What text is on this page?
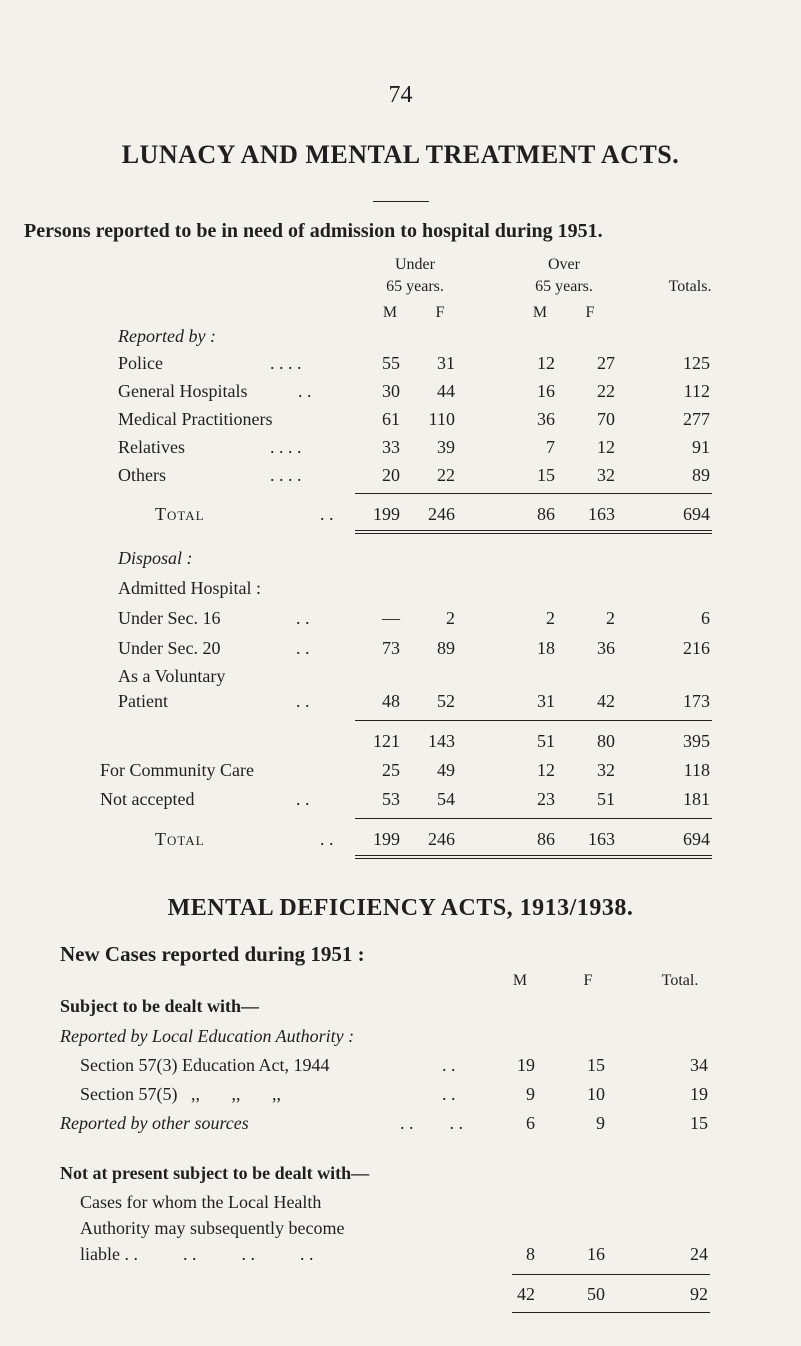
74
LUNACY AND MENTAL TREATMENT ACTS.
Persons reported to be in need of admission to hospital during 1951.
Under
65 years.
Over
65 years.	Totals.
M	F	M	F
Reported by :
Police	. . . .	55	31	12	27	125
General Hospitals	. .	30	44	16	22	112
Medical Practitioners	61	110	36	70	277
Relatives	. . . .	33	39	7	12	91
Others	. . . .	20	22	15	32	89
Total	. .	199	246	86	163	694
Disposal :
Admitted Hospital :
Under Sec. 16	. .	—	2	2	2	6
Under Sec. 20	. .	73	89	18	36	216
As a Voluntary
Patient	. .	48	52	31	42	173
121	143	51	80	395
For Community Care	25	49	12	32	118
Not accepted	. .	53	54	23	51	181
Total	. .	199	246	86	163	694
MENTAL DEFICIENCY ACTS, 1913/1938.
New Cases reported during 1951 :
M	F	Total.
Subject to be dealt with—
Reported by Local Education Authority :
Section 57(3) Education Act, 1944	. .	19	15	34
Section 57(5)   ,,       ,,       ,,	. .	9	10	19
Reported by other sources	. .        . .	6	9	15
Not at present subject to be dealt with—
Cases for whom the Local Health
Authority may subsequently become
liable . .          . .          . .          . .	8	16	24
42	50	92
